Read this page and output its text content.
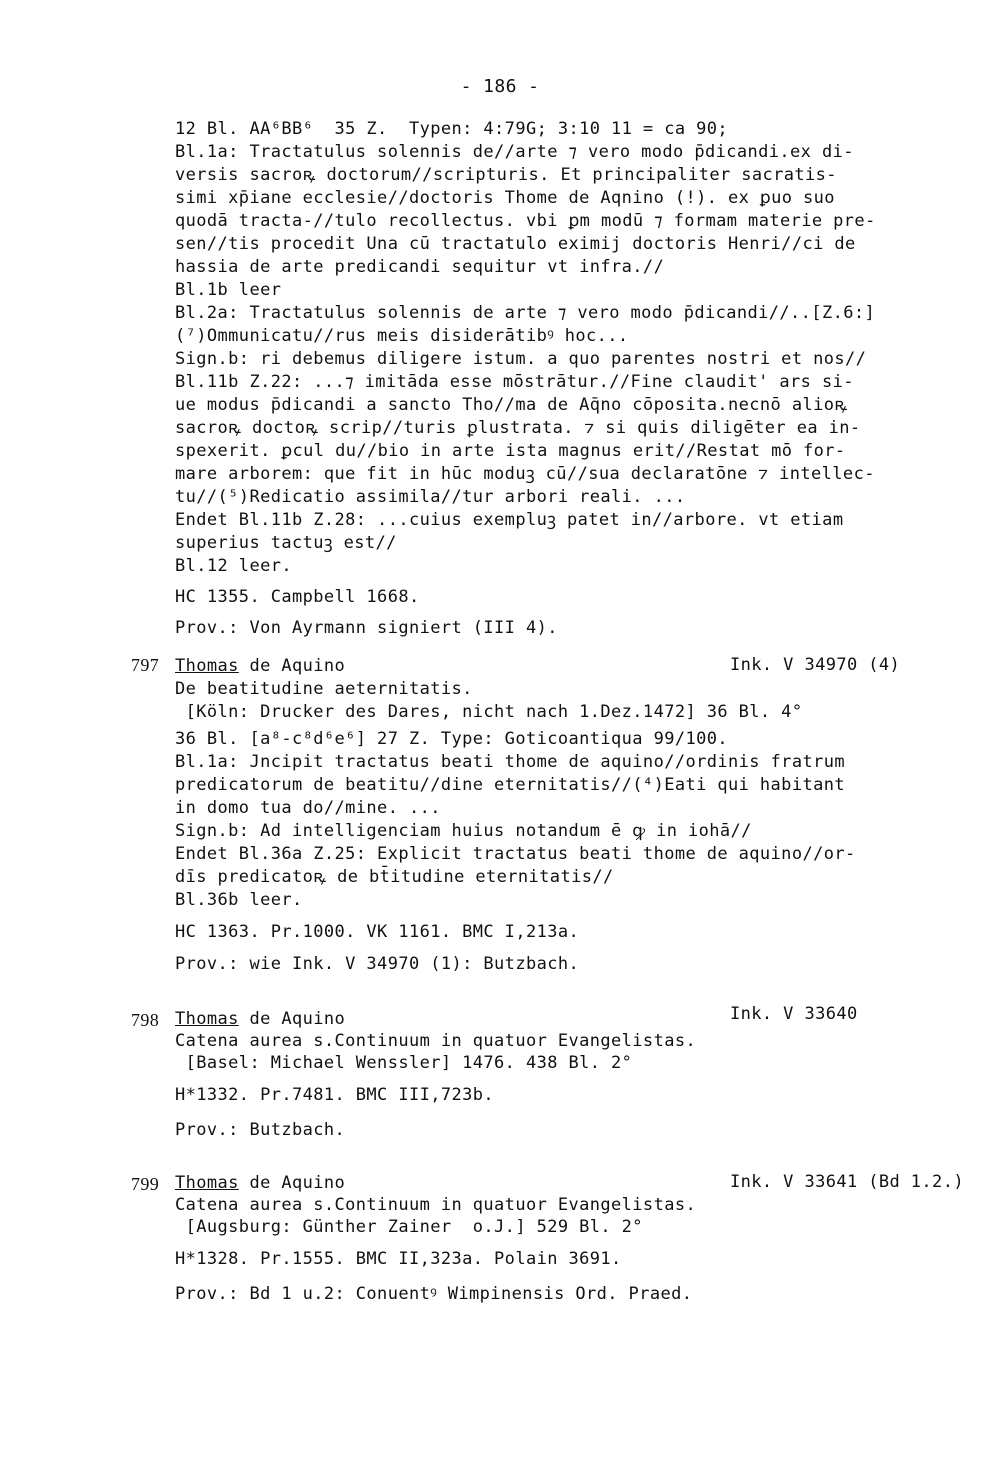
- 186 -
12 Bl. AA⁶BB⁶  35 Z.  Typen: 4:79G; 3:10 11 = ca 90;
Bl.1a: Tractatulus solennis de//arte ⁊ vero modo p̄dicandi.ex di-
versis sacroꝶ doctorum//scripturis. Et principaliter sacratis-
simi xp̄iane ecclesie//doctoris Thome de Aqnino (!). ex ꝑuo suo
quodā tracta-//tulo recollectus. vbi ꝑm modū ⁊ formam materie pre-
sen//tis procedit Una cū tractatulo eximij doctoris Henri//ci de
hassia de arte predicandi sequitur vt infra.//
Bl.1b leer
Bl.2a: Tractatulus solennis de arte ⁊ vero modo p̄dicandi//..[Z.6:]
(⁷)Ommunicatu//rus meis disiderātibꝰ hoc...
Sign.b: ri debemus diligere istum. a quo parentes nostri et nos//
Bl.11b Z.22: ...⁊ imitāda esse mōstrātur.//Fine claudit' ars si-
ue modus p̄dicandi a sancto Tho//ma de Aq̄no cōposita.necnō alioꝶ
sacroꝶ doctoꝶ scrip//turis ꝑlustrata. ⁊ si quis diligēter ea in-
spexerit. ꝑcul du//bio in arte ista magnus erit//Restat mō for-
mare arborem: que fit in hūc moduꝫ cū//sua declaratōne ⁊ intellec-
tu//(⁵)Redicatio assimila//tur arbori reali. ...
Endet Bl.11b Z.28: ...cuius exempluꝫ patet in//arbore. vt etiam
superius tactuꝫ est//
Bl.12 leer.
HC 1355. Campbell 1668.
Prov.: Von Ayrmann signiert (III 4).
797 Thomas de Aquino	Ink. V 34970 (4)
De beatitudine aeternitatis.
[Köln: Drucker des Dares, nicht nach 1.Dez.1472] 36 Bl. 4°
36 Bl. [a⁸-c⁸d⁶e⁶] 27 Z. Type: Goticoantiqua 99/100.
Bl.1a: Jncipit tractatus beati thome de aquino//ordinis fratrum
predicatorum de beatitu//dine eternitatis//(⁴)Eati qui habitant
in domo tua do//mine. ...
Sign.b: Ad intelligenciam huius notandum ē ꝙ in iohā//
Endet Bl.36a Z.25: Explicit tractatus beati thome de aquino//or-
dīs predicatoꝶ de bt̄itudine eternitatis//
Bl.36b leer.
HC 1363. Pr.1000. VK 1161. BMC I,213a.
Prov.: wie Ink. V 34970 (1): Butzbach.
798 Thomas de Aquino	Ink. V 33640
Catena aurea s.Continuum in quatuor Evangelistas.
[Basel: Michael Wenssler] 1476. 438 Bl. 2°
H*1332. Pr.7481. BMC III,723b.
Prov.: Butzbach.
799 Thomas de Aquino	Ink. V 33641 (Bd 1.2.)
Catena aurea s.Continuum in quatuor Evangelistas.
[Augsburg: Günther Zainer  o.J.] 529 Bl. 2°
H*1328. Pr.1555. BMC II,323a. Polain 3691.
Prov.: Bd 1 u.2: Conuentꝰ Wimpinensis Ord. Praed.
